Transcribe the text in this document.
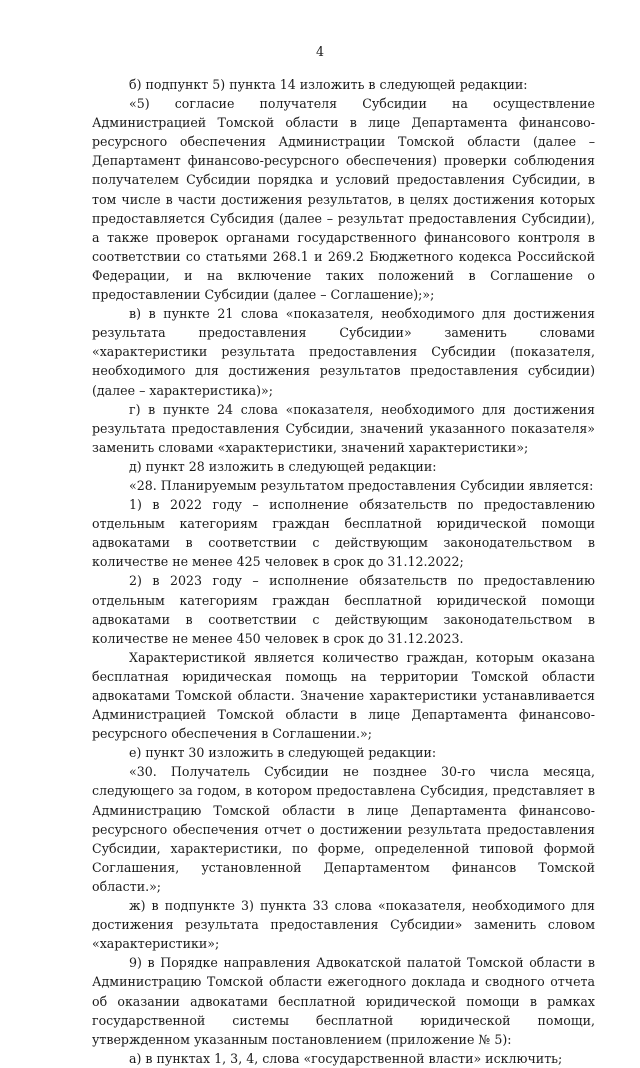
4

б) подпункт 5) пункта 14 изложить в следующей редакции:

«5) согласие получателя Субсидии на осуществление Администрацией Томской области в лице Департамента финансово-ресурсного обеспечения Администрации Томской области (далее – Департамент финансово-ресурсного обеспечения) проверки соблюдения получателем Субсидии порядка и условий предоставления Субсидии, в том числе в части достижения результатов, в целях достижения которых предоставляется Субсидия (далее – результат предоставления Субсидии), а также проверок органами государственного финансового контроля в соответствии со статьями 268.1 и 269.2 Бюджетного кодекса Российской Федерации, и на включение таких положений в Соглашение о предоставлении Субсидии (далее – Соглашение);»;

в) в пункте 21 слова «показателя, необходимого для достижения результата предоставления Субсидии» заменить словами «характеристики результата предоставления Субсидии (показателя, необходимого для достижения результатов предоставления субсидии) (далее – характеристика)»;

г) в пункте 24 слова «показателя, необходимого для достижения результата предоставления Субсидии, значений указанного показателя» заменить словами «характеристики, значений характеристики»;

д) пункт 28 изложить в следующей редакции:

«28. Планируемым результатом предоставления Субсидии является:

1) в 2022 году – исполнение обязательств по предоставлению отдельным категориям граждан бесплатной юридической помощи адвокатами в соответствии с действующим законодательством в количестве не менее 425 человек в срок до 31.12.2022;

2) в 2023 году – исполнение обязательств по предоставлению отдельным категориям граждан бесплатной юридической помощи адвокатами в соответствии с действующим законодательством в количестве не менее 450 человек в срок до 31.12.2023.

Характеристикой является количество граждан, которым оказана бесплатная юридическая помощь на территории Томской области адвокатами Томской области. Значение характеристики устанавливается Администрацией Томской области в лице Департамента финансово-ресурсного обеспечения в Соглашении.»;

е) пункт 30 изложить в следующей редакции:

«30. Получатель Субсидии не позднее 30-го числа месяца, следующего за годом, в котором предоставлена Субсидия, представляет в Администрацию Томской области в лице Департамента финансово-ресурсного обеспечения отчет о достижении результата предоставления Субсидии, характеристики, по форме, определенной типовой формой Соглашения, установленной Департаментом финансов Томской области.»;

ж) в подпункте 3) пункта 33 слова «показателя, необходимого для достижения результата предоставления Субсидии» заменить словом «характеристики»;

9) в Порядке направления Адвокатской палатой Томской области в Администрацию Томской области ежегодного доклада и сводного отчета об оказании адвокатами бесплатной юридической помощи в рамках государственной системы бесплатной юридической помощи, утвержденном указанным постановлением (приложение № 5):

а) в пунктах 1, 3, 4, слова «государственной власти» исключить;
